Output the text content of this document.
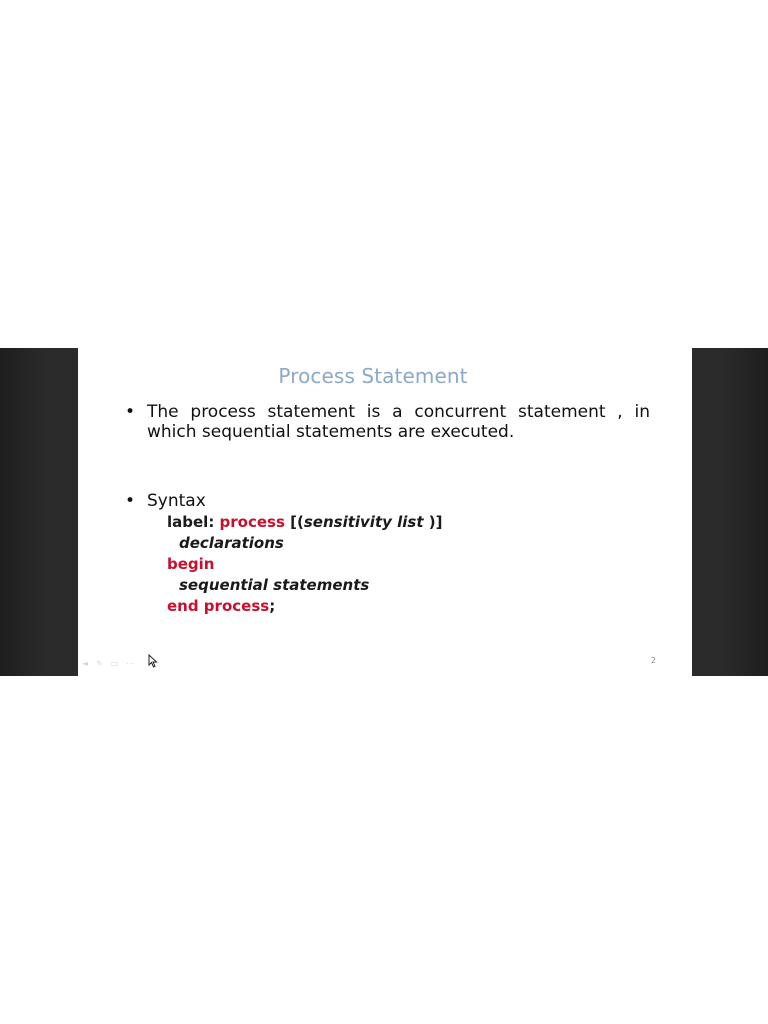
Process Statement
• The process statement is a concurrent statement , in which sequential statements are executed.
• Syntax
label: process [(sensitivity list )]
declarations
begin
sequential statements
end process;
◄ ✎ ▭ ⋯	2
